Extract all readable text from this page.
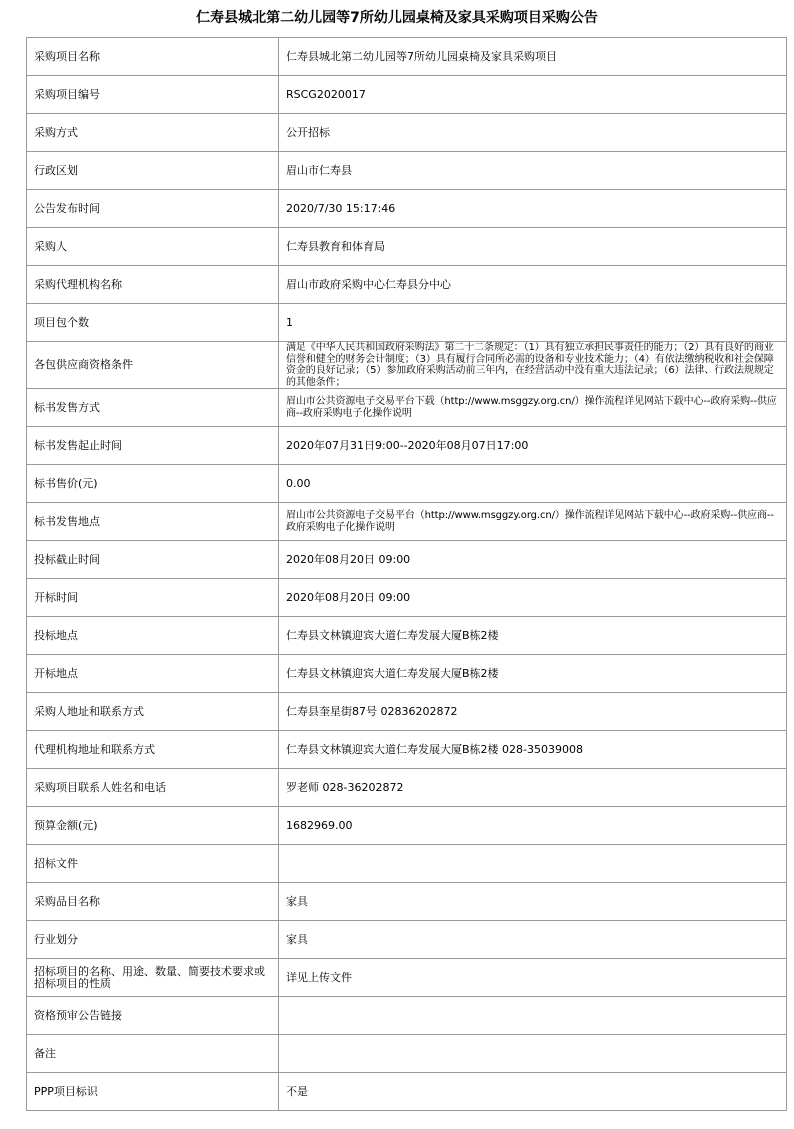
仁寿县城北第二幼儿园等7所幼儿园桌椅及家具采购项目采购公告
采购项目名称	仁寿县城北第二幼儿园等7所幼儿园桌椅及家具采购项目
采购项目编号	RSCG2020017
采购方式	公开招标
行政区划	眉山市仁寿县
公告发布时间	2020/7/30 15:17:46
采购人	仁寿县教育和体育局
采购代理机构名称	眉山市政府采购中心仁寿县分中心
项目包个数	1
各包供应商资格条件	满足《中华人民共和国政府采购法》第二十二条规定：（1）具有独立承担民事责任的能力；（2）具有良好的商业信誉和健全的财务会计制度；（3）具有履行合同所必需的设备和专业技术能力；（4）有依法缴纳税收和社会保障资金的良好记录；（5）参加政府采购活动前三年内，在经营活动中没有重大违法记录；（6）法律、行政法规规定的其他条件；
标书发售方式	眉山市公共资源电子交易平台下载（http://www.msggzy.org.cn/）操作流程详见网站下载中心--政府采购--供应商--政府采购电子化操作说明
标书发售起止时间	2020年07月31日9:00--2020年08月07日17:00
标书售价(元)	0.00
标书发售地点	眉山市公共资源电子交易平台（http://www.msggzy.org.cn/）操作流程详见网站下载中心--政府采购--供应商--政府采购电子化操作说明
投标截止时间	2020年08月20日 09:00
开标时间	2020年08月20日 09:00
投标地点	仁寿县文林镇迎宾大道仁寿发展大厦B栋2楼
开标地点	仁寿县文林镇迎宾大道仁寿发展大厦B栋2楼
采购人地址和联系方式	仁寿县奎星街87号 02836202872
代理机构地址和联系方式	仁寿县文林镇迎宾大道仁寿发展大厦B栋2楼 028-35039008
采购项目联系人姓名和电话	罗老师 028-36202872
预算金额(元)	1682969.00
招标文件	
采购品目名称	家具
行业划分	家具
招标项目的名称、用途、数量、简要技术要求或招标项目的性质	详见上传文件
资格预审公告链接	
备注	
PPP项目标识	不是
